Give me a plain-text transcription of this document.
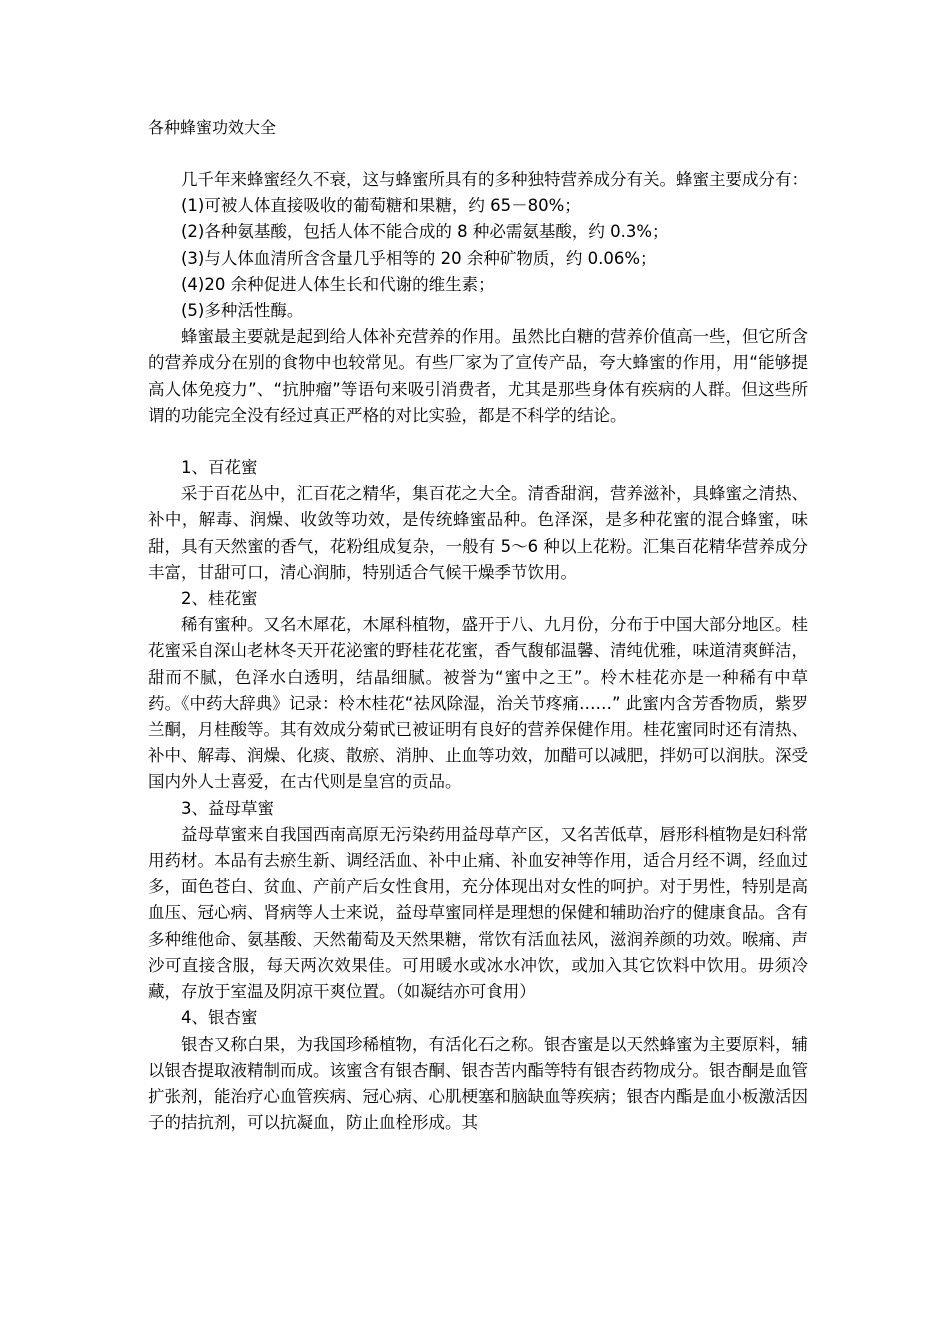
各种蜂蜜功效大全

几千年来蜂蜜经久不衰，这与蜂蜜所具有的多种独特营养成分有关。蜂蜜主要成分有：

(1)可被人体直接吸收的葡萄糖和果糖，约 65－80%；
(2)各种氨基酸，包括人体不能合成的 8 种必需氨基酸，约 0.3%；
(3)与人体血清所含含量几乎相等的 20 余种矿物质，约 0.06%；
(4)20 余种促进人体生长和代谢的维生素；
(5)多种活性酶。

蜂蜜最主要就是起到给人体补充营养的作用。虽然比白糖的营养价值高一些，但它所含的营养成分在别的食物中也较常见。有些厂家为了宣传产品，夸大蜂蜜的作用，用“能够提高人体免疫力”、“抗肿瘤”等语句来吸引消费者，尤其是那些身体有疾病的人群。但这些所谓的功能完全没有经过真正严格的对比实验，都是不科学的结论。

1、百花蜜

采于百花丛中，汇百花之精华，集百花之大全。清香甜润，营养滋补，具蜂蜜之清热、补中，解毒、润燥、收敛等功效，是传统蜂蜜品种。色泽深，是多种花蜜的混合蜂蜜，味甜，具有天然蜜的香气，花粉组成复杂，一般有 5～6 种以上花粉。汇集百花精华营养成分丰富，甘甜可口，清心润肺，特别适合气候干燥季节饮用。

2、桂花蜜

稀有蜜种。又名木犀花，木犀科植物，盛开于八、九月份，分布于中国大部分地区。桂花蜜采自深山老林冬天开花泌蜜的野桂花花蜜，香气馥郁温馨、清纯优雅，味道清爽鲜洁，甜而不腻，色泽水白透明，结晶细腻。被誉为“蜜中之王”。柃木桂花亦是一种稀有中草药。《中药大辞典》记录：柃木桂花“祛风除湿，治关节疼痛……” 此蜜内含芳香物质，紫罗兰酮，月桂酸等。其有效成分菊甙已被证明有良好的营养保健作用。桂花蜜同时还有清热、补中、解毒、润燥、化痰、散瘀、消肿、止血等功效，加醋可以减肥，拌奶可以润肤。深受国内外人士喜爱，在古代则是皇宫的贡品。

3、益母草蜜

益母草蜜来自我国西南高原无污染药用益母草产区，又名苦低草，唇形科植物是妇科常用药材。本品有去瘀生新、调经活血、补中止痛、补血安神等作用，适合月经不调，经血过多，面色苍白、贫血、产前产后女性食用，充分体现出对女性的呵护。对于男性，特别是高血压、冠心病、肾病等人士来说，益母草蜜同样是理想的保健和辅助治疗的健康食品。含有多种维他命、氨基酸、天然葡萄及天然果糖，常饮有活血祛风，滋润养颜的功效。喉痛、声沙可直接含服，每天两次效果佳。可用暖水或冰水冲饮，或加入其它饮料中饮用。毋须冷藏，存放于室温及阴凉干爽位置。（如凝结亦可食用）

4、银杏蜜

银杏又称白果，为我国珍稀植物，有活化石之称。银杏蜜是以天然蜂蜜为主要原料，辅以银杏提取液精制而成。该蜜含有银杏酮、银杏苦内酯等特有银杏药物成分。银杏酮是血管扩张剂，能治疗心血管疾病、冠心病、心肌梗塞和脑缺血等疾病；银杏内酯是血小板激活因子的拮抗剂，可以抗凝血，防止血栓形成。其
